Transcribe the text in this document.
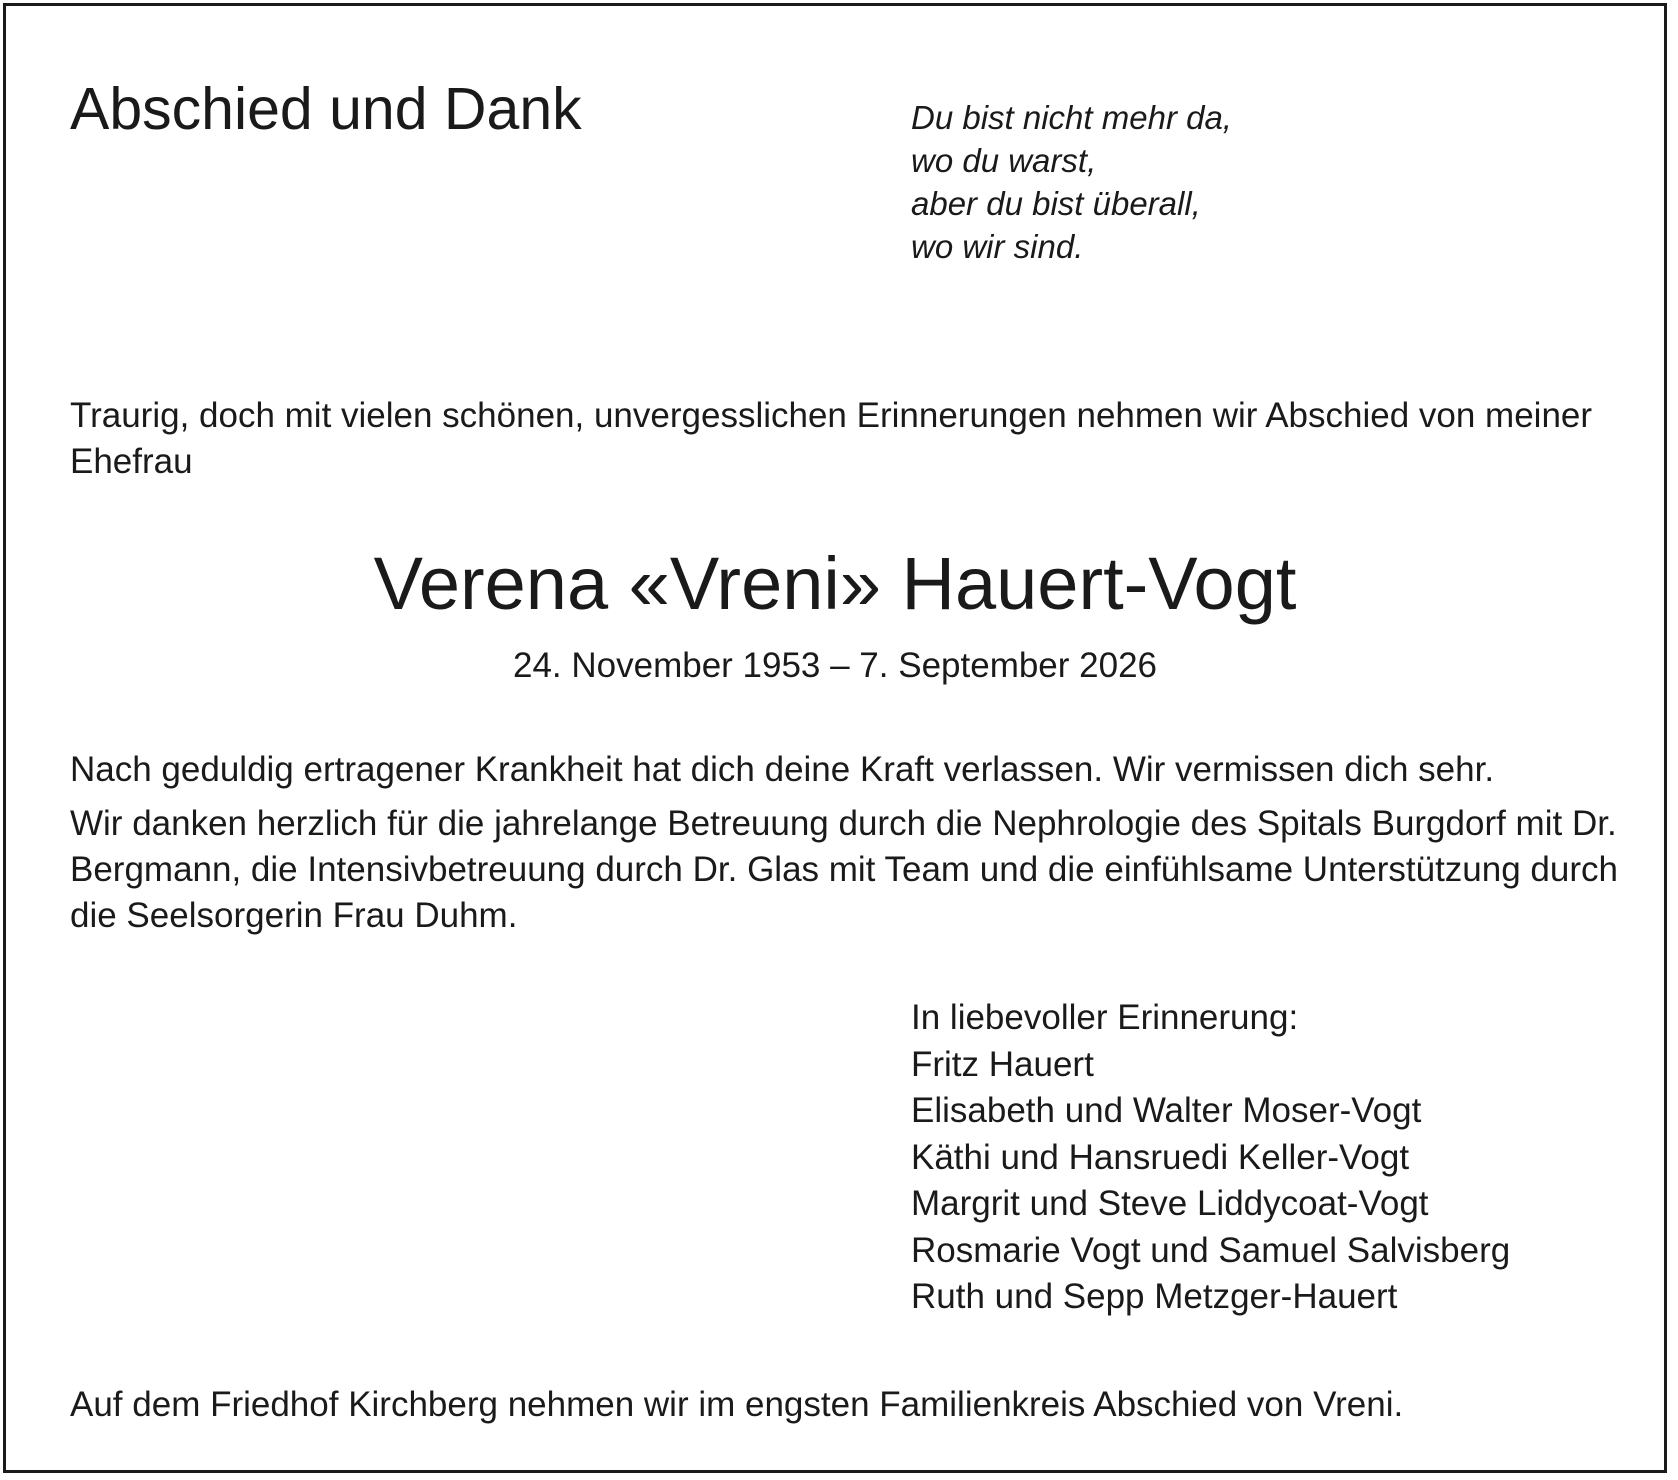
Abschied und Dank	Du bist nicht mehr da,
wo du warst,
aber du bist überall,
wo wir sind.

Traurig, doch mit vielen schönen, unvergesslichen Erinnerungen nehmen wir Abschied von meiner Ehefrau

Verena «Vreni» Hauert-Vogt

24. November 1953 – 7. September 2026

Nach geduldig ertragener Krankheit hat dich deine Kraft verlassen. Wir vermissen dich sehr.

Wir danken herzlich für die jahrelange Betreuung durch die Nephrologie des Spitals Burgdorf mit Dr. Bergmann, die Intensivbetreuung durch Dr. Glas mit Team und die einfühlsame Unterstützung durch die Seelsorgerin Frau Duhm.

In liebevoller Erinnerung:
Fritz Hauert
Elisabeth und Walter Moser-Vogt
Käthi und Hansruedi Keller-Vogt
Margrit und Steve Liddycoat-Vogt
Rosmarie Vogt und Samuel Salvisberg
Ruth und Sepp Metzger-Hauert

Auf dem Friedhof Kirchberg nehmen wir im engsten Familienkreis Abschied von Vreni.
